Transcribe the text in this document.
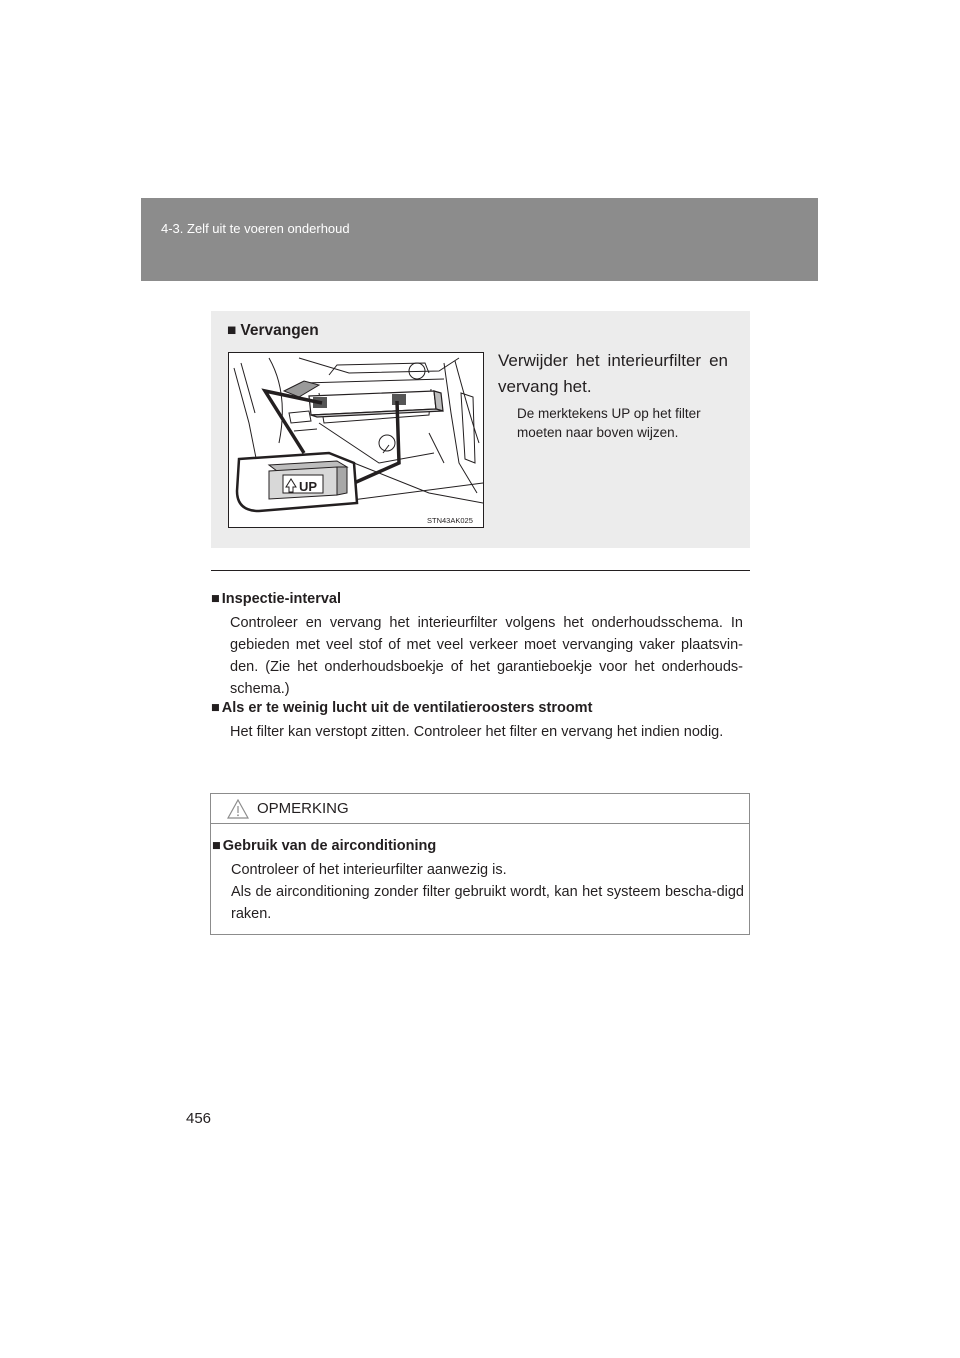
4-3. Zelf uit te voeren onderhoud
■ Vervangen
UP
STN43AK025
Verwijder het interieurfilter en vervang het.
De merktekens UP op het filter moeten naar boven wijzen.
■ Inspectie-interval

Controleer en vervang het interieurfilter volgens het onderhoudsschema. In gebieden met veel stof of met veel verkeer moet vervanging vaker plaatsvin-den. (Zie het onderhoudsboekje of het garantieboekje voor het onderhouds-schema.)

■ Als er te weinig lucht uit de ventilatieroosters stroomt

Het filter kan verstopt zitten. Controleer het filter en vervang het indien nodig.

OPMERKING
■ Gebruik van de airconditioning

Controleer of het interieurfilter aanwezig is.

Als de airconditioning zonder filter gebruikt wordt, kan het systeem bescha-digd raken.

456
